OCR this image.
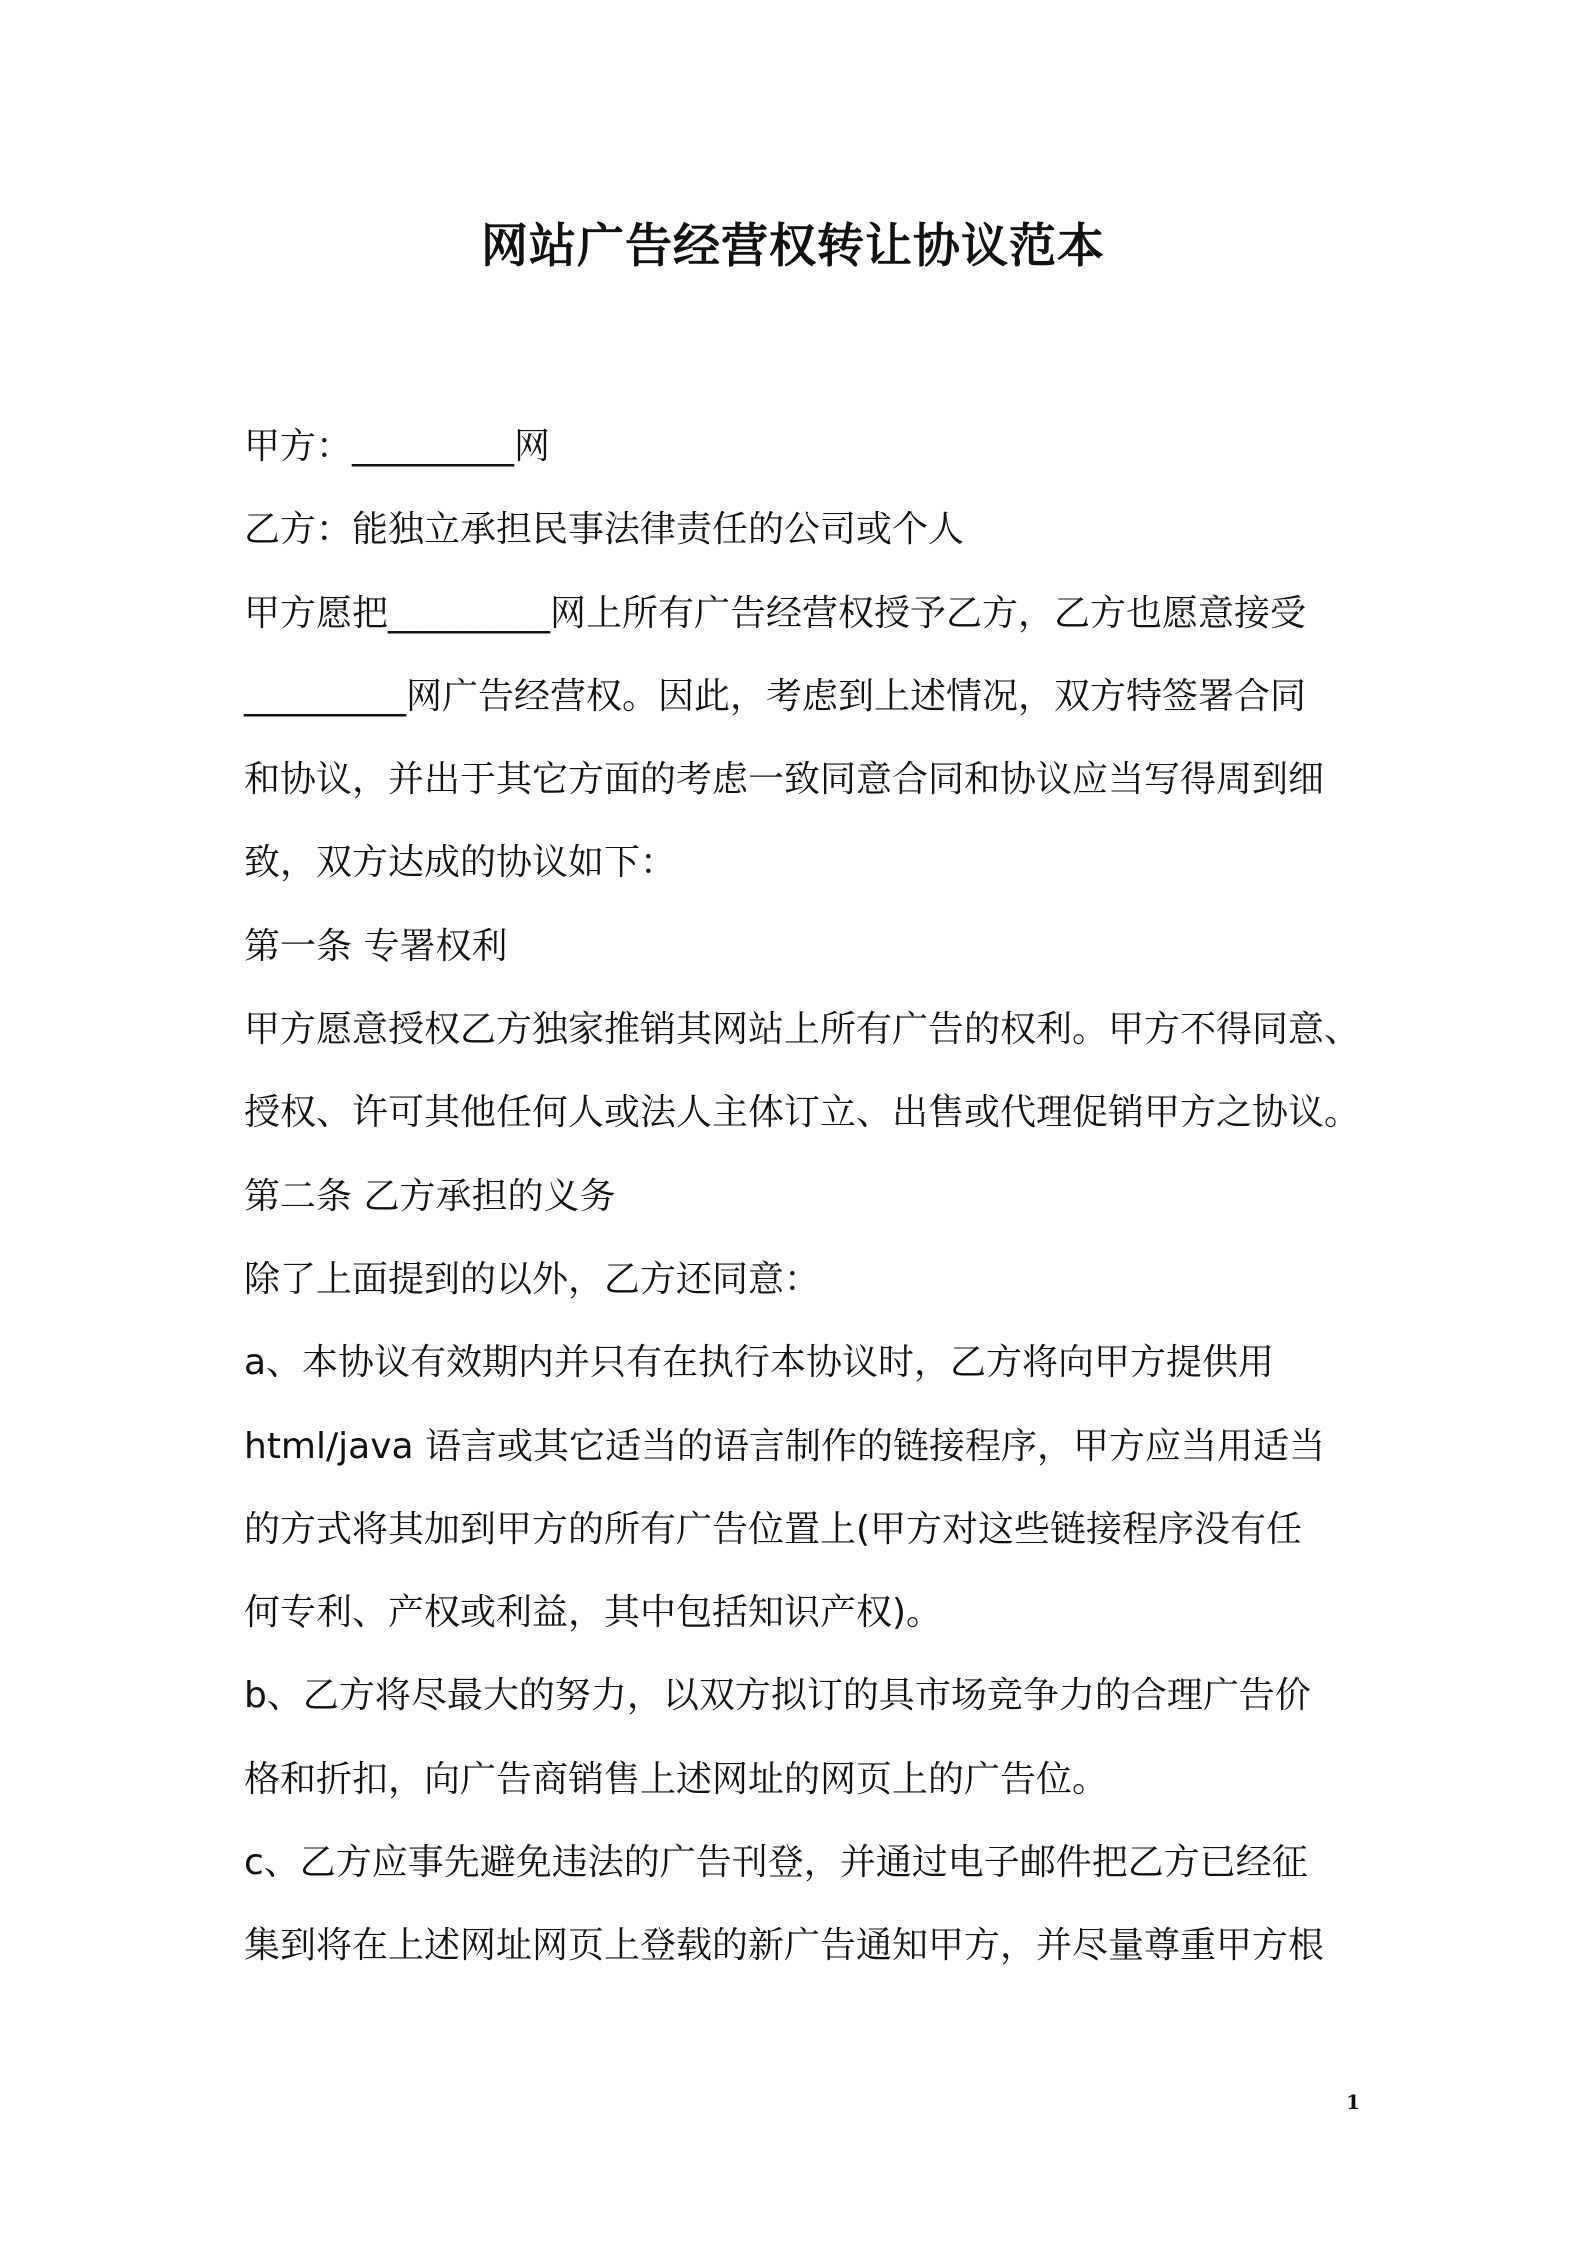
网站广告经营权转让协议范本

甲方：_________网

乙方：能独立承担民事法律责任的公司或个人

甲方愿把_________网上所有广告经营权授予乙方，乙方也愿意接受

_________网广告经营权。因此，考虑到上述情况，双方特签署合同

和协议，并出于其它方面的考虑一致同意合同和协议应当写得周到细

致，双方达成的协议如下：

第一条 专署权利

甲方愿意授权乙方独家推销其网站上所有广告的权利。甲方不得同意、

授权、许可其他任何人或法人主体订立、出售或代理促销甲方之协议。

第二条 乙方承担的义务

除了上面提到的以外，乙方还同意：

a、本协议有效期内并只有在执行本协议时，乙方将向甲方提供用

html/java 语言或其它适当的语言制作的链接程序，甲方应当用适当

的方式将其加到甲方的所有广告位置上(甲方对这些链接程序没有任

何专利、产权或利益，其中包括知识产权)。

b、乙方将尽最大的努力，以双方拟订的具市场竞争力的合理广告价

格和折扣，向广告商销售上述网址的网页上的广告位。

c、乙方应事先避免违法的广告刊登，并通过电子邮件把乙方已经征

集到将在上述网址网页上登载的新广告通知甲方，并尽量尊重甲方根

1
